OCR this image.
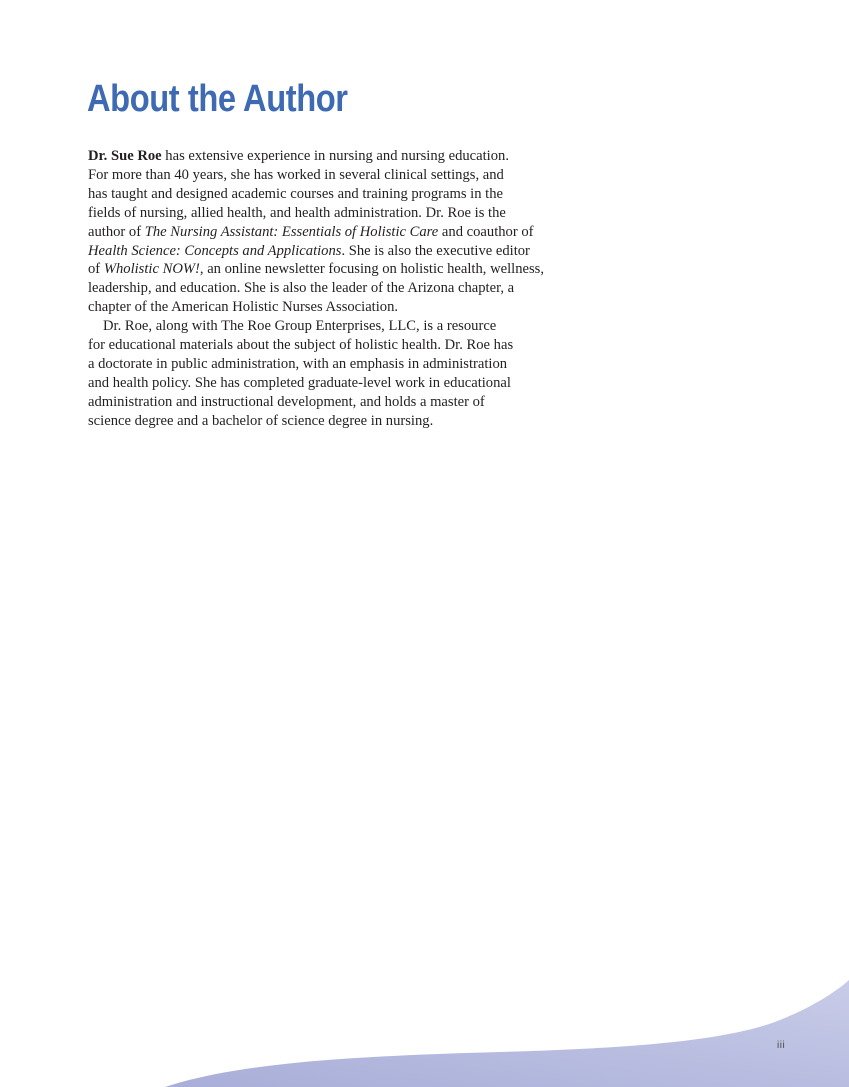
About the Author
Dr. Sue Roe has extensive experience in nursing and nursing education.
For more than 40 years, she has worked in several clinical settings, and
has taught and designed academic courses and training programs in the
fields of nursing, allied health, and health administration. Dr. Roe is the
author of The Nursing Assistant: Essentials of Holistic Care and coauthor of
Health Science: Concepts and Applications. She is also the executive editor
of Wholistic NOW!, an online newsletter focusing on holistic health, wellness,
leadership, and education. She is also the leader of the Arizona chapter, a
chapter of the American Holistic Nurses Association.
Dr. Roe, along with The Roe Group Enterprises, LLC, is a resource
for educational materials about the subject of holistic health. Dr. Roe has
a doctorate in public administration, with an emphasis in administration
and health policy. She has completed graduate-level work in educational
administration and instructional development, and holds a master of
science degree and a bachelor of science degree in nursing.
iii
